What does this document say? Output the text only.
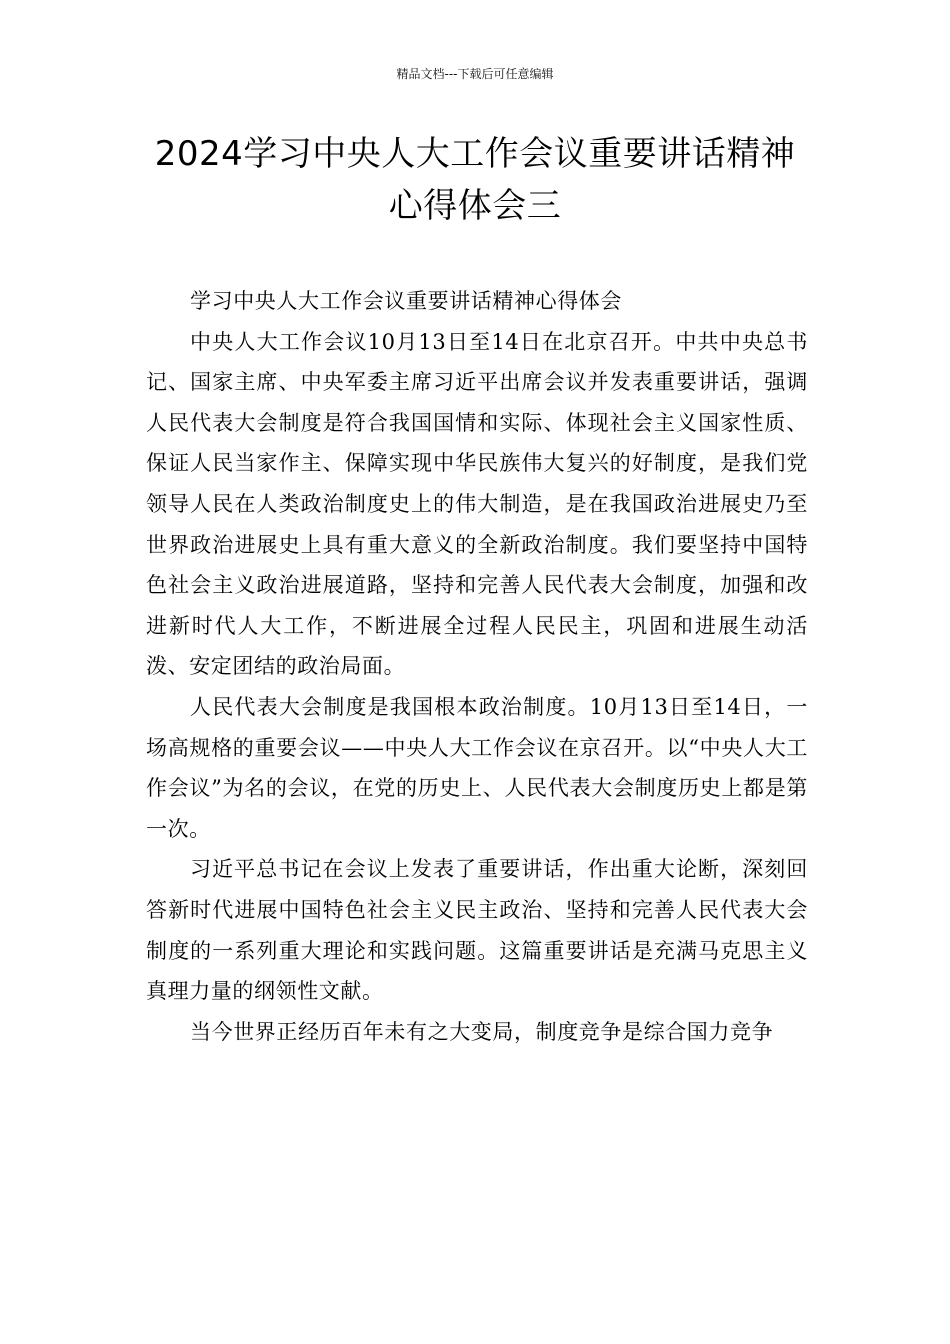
精品文档---下载后可任意编辑
2024学习中央人大工作会议重要讲话精神心得体会三

学习中央人大工作会议重要讲话精神心得体会

中央人大工作会议10月13日至14日在北京召开。中共中央总书记、国家主席、中央军委主席习近平出席会议并发表重要讲话，强调人民代表大会制度是符合我国国情和实际、体现社会主义国家性质、保证人民当家作主、保障实现中华民族伟大复兴的好制度，是我们党领导人民在人类政治制度史上的伟大制造，是在我国政治进展史乃至世界政治进展史上具有重大意义的全新政治制度。我们要坚持中国特色社会主义政治进展道路，坚持和完善人民代表大会制度，加强和改进新时代人大工作，不断进展全过程人民民主，巩固和进展生动活泼、安定团结的政治局面。

人民代表大会制度是我国根本政治制度。10月13日至14日，一场高规格的重要会议——中央人大工作会议在京召开。以“中央人大工作会议”为名的会议，在党的历史上、人民代表大会制度历史上都是第一次。

习近平总书记在会议上发表了重要讲话，作出重大论断，深刻回答新时代进展中国特色社会主义民主政治、坚持和完善人民代表大会制度的一系列重大理论和实践问题。这篇重要讲话是充满马克思主义真理力量的纲领性文献。

当今世界正经历百年未有之大变局，制度竞争是综合国力竞争
